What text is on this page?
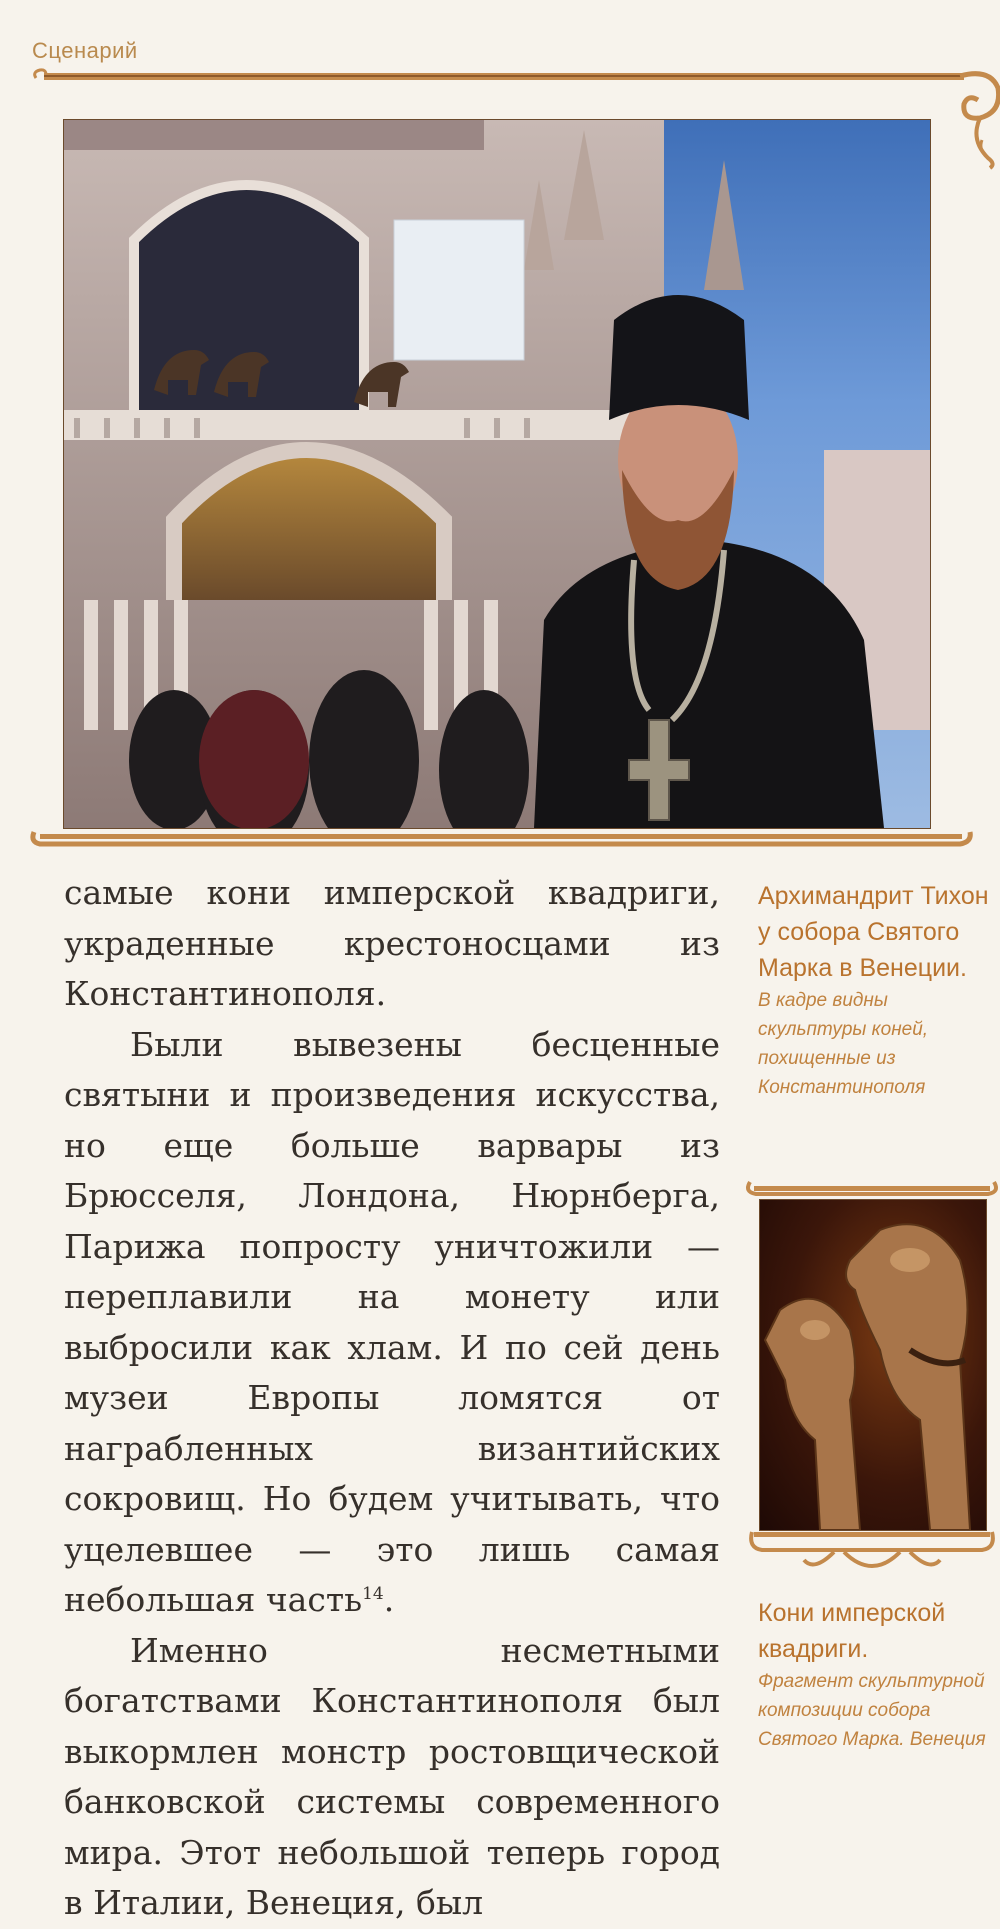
Сценарий

самые кони имперской квадриги, украденные крестоносцами из Константинополя.

Были вывезены бесценные святыни и произведения искусства, но еще больше варвары из Брюсселя, Лондона, Нюрнберга, Парижа попросту уничтожили — переплавили на монету или выбросили как хлам. И по сей день музеи Европы ломятся от награбленных византийских сокровищ. Но будем учитывать, что уцелевшее — это лишь самая небольшая часть$^{14}$.

Именно несметными богатствами Константинополя был выкормлен монстр ростовщической банковской системы современного мира. Этот небольшой теперь город в Италии, Венеция, был

Архимандрит Тихон у собора Святого Марка в Венеции.
В кадре видны скульптуры коней, похищенные из Константинополя
Кони имперской квадриги.
Фрагмент скульптурной композиции собора Святого Марка. Венеция
